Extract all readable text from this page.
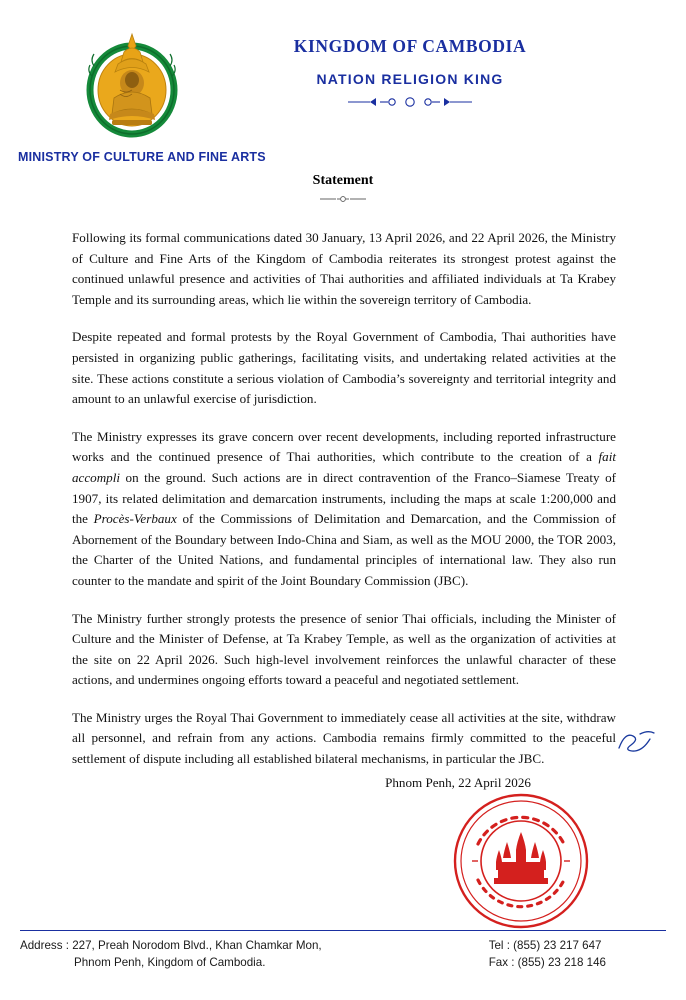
KINGDOM OF CAMBODIA
NATION RELIGION KING
MINISTRY OF CULTURE AND FINE ARTS
Statement

Following its formal communications dated 30 January, 13 April 2026, and 22 April 2026, the Ministry of Culture and Fine Arts of the Kingdom of Cambodia reiterates its strongest protest against the continued unlawful presence and activities of Thai authorities and affiliated individuals at Ta Krabey Temple and its surrounding areas, which lie within the sovereign territory of Cambodia.

Despite repeated and formal protests by the Royal Government of Cambodia, Thai authorities have persisted in organizing public gatherings, facilitating visits, and undertaking related activities at the site. These actions constitute a serious violation of Cambodia’s sovereignty and territorial integrity and amount to an unlawful exercise of jurisdiction.

The Ministry expresses its grave concern over recent developments, including reported infrastructure works and the continued presence of Thai authorities, which contribute to the creation of a fait accompli on the ground. Such actions are in direct contravention of the Franco–Siamese Treaty of 1907, its related delimitation and demarcation instruments, including the maps at scale 1:200,000 and the Procès-Verbaux of the Commissions of Delimitation and Demarcation, and the Commission of Abornement of the Boundary between Indo-China and Siam, as well as the MOU 2000, the TOR 2003, the Charter of the United Nations, and fundamental principles of international law. They also run counter to the mandate and spirit of the Joint Boundary Commission (JBC).

The Ministry further strongly protests the presence of senior Thai officials, including the Minister of Culture and the Minister of Defense, at Ta Krabey Temple, as well as the organization of activities at the site on 22 April 2026. Such high-level involvement reinforces the unlawful character of these actions, and undermines ongoing efforts toward a peaceful and negotiated settlement.

The Ministry urges the Royal Thai Government to immediately cease all activities at the site, withdraw all personnel, and refrain from any actions. Cambodia remains firmly committed to the peaceful settlement of dispute including all established bilateral mechanisms, in particular the JBC.

Phnom Penh, 22 April 2026
Address : 227, Preah Norodom Blvd., Khan Chamkar Mon,
Phnom Penh, Kingdom of Cambodia.
Tel : (855) 23 217 647
Fax : (855) 23 218 146
